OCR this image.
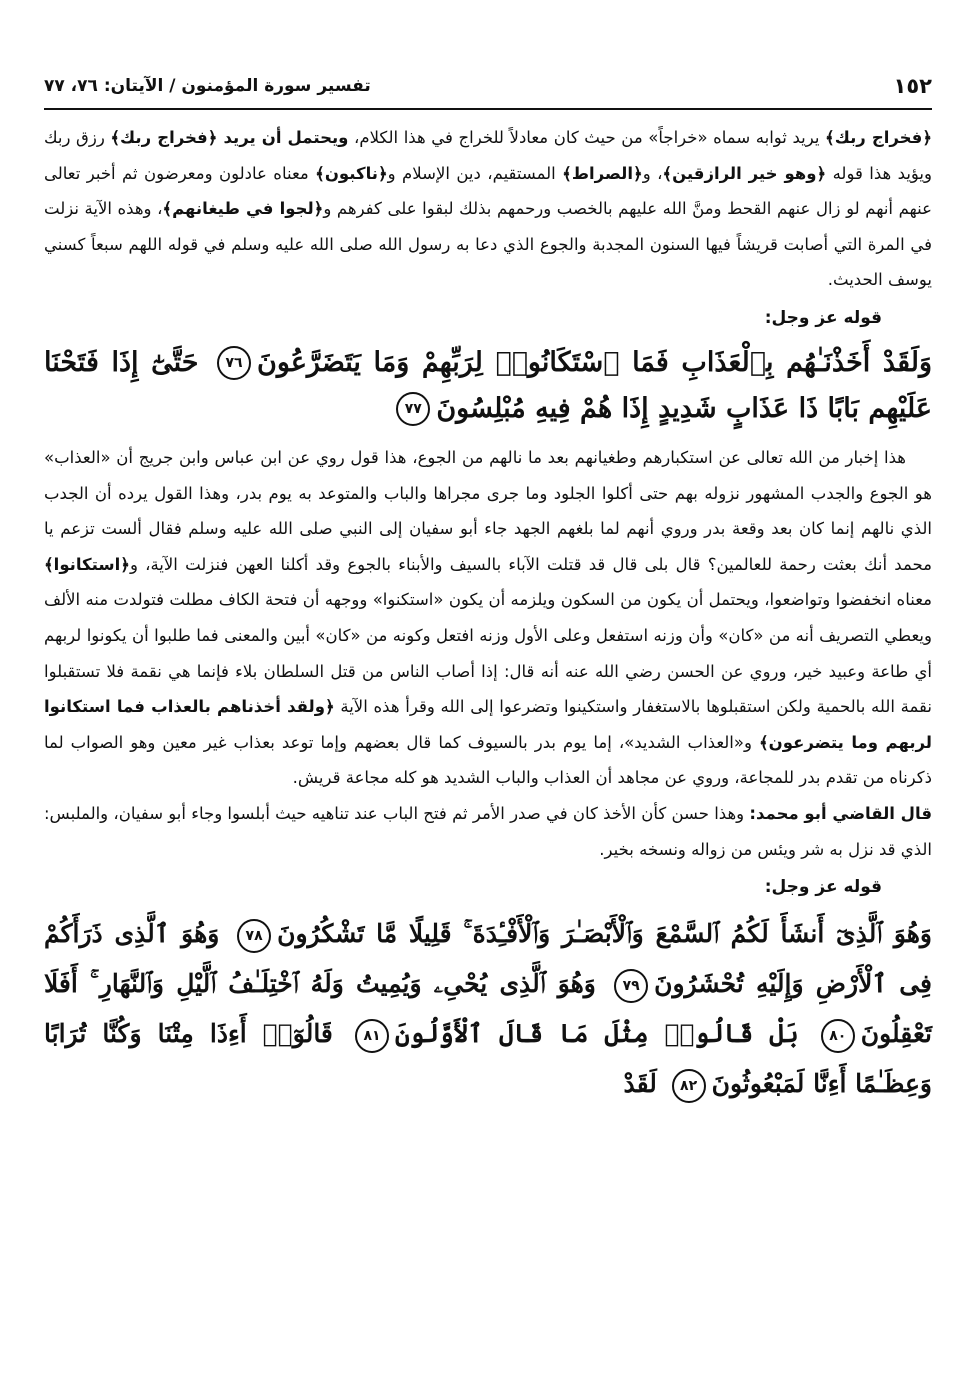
١٥٢
تفسير سورة المؤمنون / الآيتان: ٧٦، ٧٧

﴿فخراج ربك﴾ يريد ثوابه سماه «خراجاً» من حيث كان معادلاً للخراج في هذا الكلام، ويحتمل أن يريد ﴿فخراج ربك﴾ رزق ربك ويؤيد هذا قوله ﴿وهو خير الرازقين﴾، و﴿الصراط﴾ المستقيم، دين الإسلام و﴿ناكبون﴾ معناه عادلون ومعرضون ثم أخبر تعالى عنهم أنهم لو زال عنهم القحط ومنَّ الله عليهم بالخصب ورحمهم بذلك لبقوا على كفرهم و﴿لجوا في طيغانهم﴾، وهذه الآية نزلت في المرة التي أصابت قريشاً فيها السنون المجدبة والجوع الذي دعا به رسول الله صلى الله عليه وسلم في قوله اللهم سبعاً كسني يوسف الحديث.

قوله عز وجل:

وَلَقَدْ أَخَذْنَـٰهُم بِٱلْعَذَابِ فَمَا ٱسْتَكَانُوا۟ لِرَبِّهِمْ وَمَا يَتَضَرَّعُونَ٧٦ حَتَّىٰٓ إِذَا فَتَحْنَا عَلَيْهِم بَابًا ذَا عَذَابٍ شَدِيدٍ إِذَا هُمْ فِيهِ مُبْلِسُونَ٧٧

هذا إخبار من الله تعالى عن استكبارهم وطغيانهم بعد ما نالهم من الجوع، هذا قول روي عن ابن عباس وابن جريج أن «العذاب» هو الجوع والجدب المشهور نزوله بهم حتى أكلوا الجلود وما جرى مجراها والباب والمتوعد به يوم بدر، وهذا القول يرده أن الجدب الذي نالهم إنما كان بعد وقعة بدر وروي أنهم لما بلغهم الجهد جاء أبو سفيان إلى النبي صلى الله عليه وسلم فقال ألست تزعم يا محمد أنك بعثت رحمة للعالمين؟ قال بلى قال قد قتلت الآباء بالسيف والأبناء بالجوع وقد أكلنا العهن فنزلت الآية، و﴿استكانوا﴾ معناه انخفضوا وتواضعوا، ويحتمل أن يكون من السكون ويلزمه أن يكون «استكنوا» ووجهه أن فتحة الكاف مطلت فتولدت منه الألف ويعطي التصريف أنه من «كان» وأن وزنه استفعل وعلى الأول وزنه افتعل وكونه من «كان» أبين والمعنى فما طلبوا أن يكونوا لربهم أي طاعة وعبيد خير، وروي عن الحسن رضي الله عنه أنه قال: إذا أصاب الناس من قتل السلطان بلاء فإنما هي نقمة فلا تستقبلوا نقمة الله بالحمية ولكن استقبلوها بالاستغفار واستكينوا وتضرعوا إلى الله وقرأ هذه الآية ﴿ولقد أخذناهم بالعذاب فما استكانوا لربهم وما يتضرعون﴾ و«العذاب الشديد»، إما يوم بدر بالسيوف كما قال بعضهم وإما توعد بعذاب غير معين وهو الصواب لما ذكرناه من تقدم بدر للمجاعة، وروي عن مجاهد أن العذاب والباب الشديد هو كله مجاعة قريش.

قال القاضي أبو محمد: وهذا حسن كأن الأخذ كان في صدر الأمر ثم فتح الباب عند تناهيه حيث أبلسوا وجاء أبو سفيان، والملبس: الذي قد نزل به شر ويئس من زواله ونسخه بخير.

قوله عز وجل:

وَهُوَ ٱلَّذِىٓ أَنشَأَ لَكُمُ ٱلسَّمْعَ وَٱلْأَبْصَـٰرَ وَٱلْأَفْـِٔدَةَ ۚ قَلِيلًا مَّا تَشْكُرُونَ٧٨ وَهُوَ ٱلَّذِى ذَرَأَكُمْ فِى ٱلْأَرْضِ وَإِلَيْهِ تُحْشَرُونَ٧٩ وَهُوَ ٱلَّذِى يُحْىِۦ وَيُمِيتُ وَلَهُ ٱخْتِلَـٰفُ ٱلَّيْلِ وَٱلنَّهَارِ ۚ أَفَلَا تَعْقِلُونَ٨٠ بَلْ قَالُوا۟ مِثْلَ مَا قَالَ ٱلْأَوَّلُونَ٨١ قَالُوٓا۟ أَءِذَا مِتْنَا وَكُنَّا تُرَابًا وَعِظَـٰمًا أَءِنَّا لَمَبْعُوثُونَ٨٢ لَقَدْ
